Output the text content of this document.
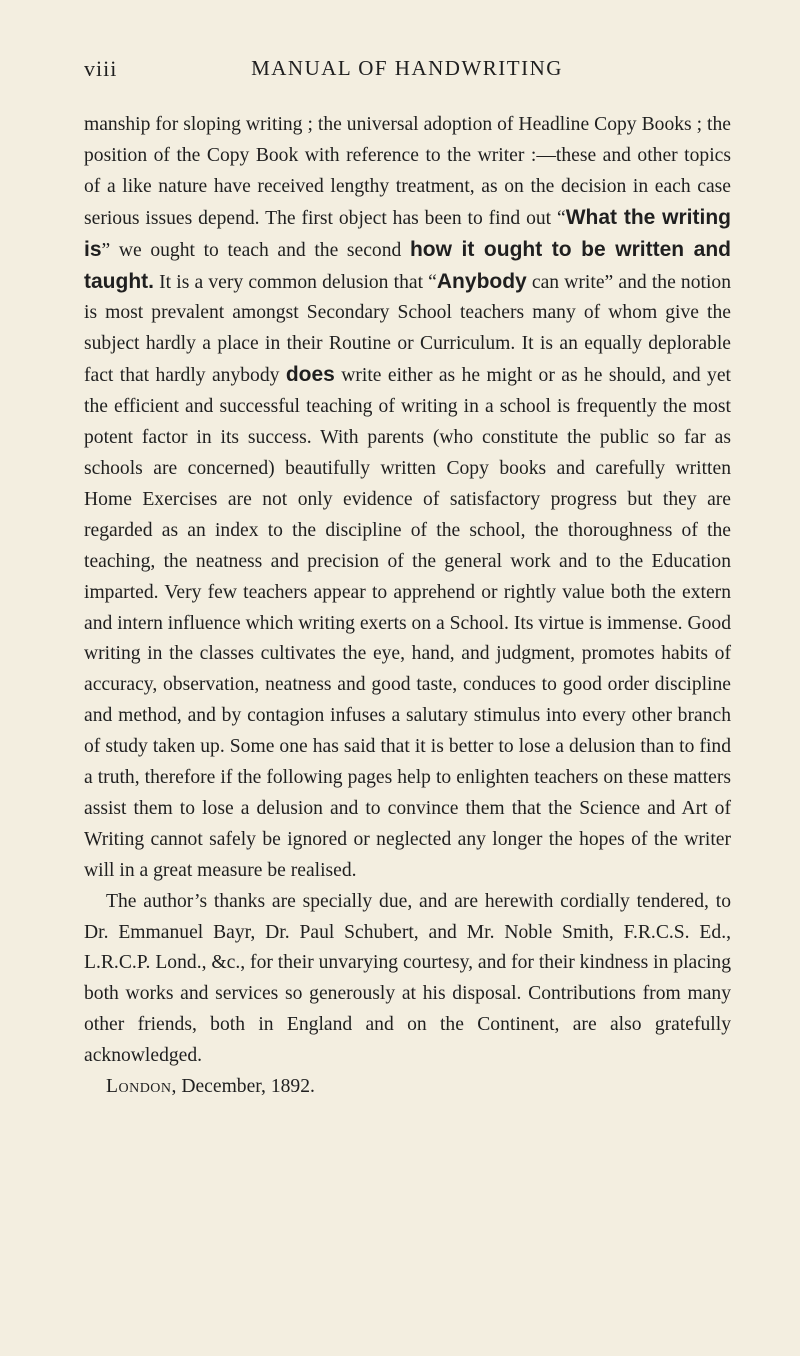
viii	MANUAL OF HANDWRITING

manship for sloping writing ; the universal adoption of Headline Copy Books ; the position of the Copy Book with reference to the writer :—these and other topics of a like nature have received lengthy treatment, as on the decision in each case serious issues depend. The first object has been to find out “What the writing is” we ought to teach and the second how it ought to be written and taught. It is a very common delusion that “Anybody can write” and the notion is most prevalent amongst Secondary School teachers many of whom give the subject hardly a place in their Routine or Curriculum. It is an equally deplorable fact that hardly anybody does write either as he might or as he should, and yet the efficient and successful teaching of writing in a school is frequently the most potent factor in its success. With parents (who constitute the public so far as schools are concerned) beautifully written Copy books and carefully written Home Exercises are not only evidence of satisfactory progress but they are regarded as an index to the discipline of the school, the thoroughness of the teaching, the neatness and precision of the general work and to the Education imparted. Very few teachers appear to apprehend or rightly value both the extern and intern influence which writing exerts on a School. Its virtue is immense. Good writing in the classes cultivates the eye, hand, and judgment, promotes habits of accuracy, observation, neatness and good taste, conduces to good order discipline and method, and by contagion infuses a salutary stimulus into every other branch of study taken up. Some one has said that it is better to lose a delusion than to find a truth, therefore if the following pages help to enlighten teachers on these matters assist them to lose a delusion and to convince them that the Science and Art of Writing cannot safely be ignored or neglected any longer the hopes of the writer will in a great measure be realised.

The author’s thanks are specially due, and are herewith cordially tendered, to Dr. Emmanuel Bayr, Dr. Paul Schubert, and Mr. Noble Smith, F.R.C.S. Ed., L.R.C.P. Lond., &c., for their unvarying courtesy, and for their kindness in placing both works and services so generously at his disposal. Contributions from many other friends, both in England and on the Continent, are also gratefully acknowledged.

London, December, 1892.
